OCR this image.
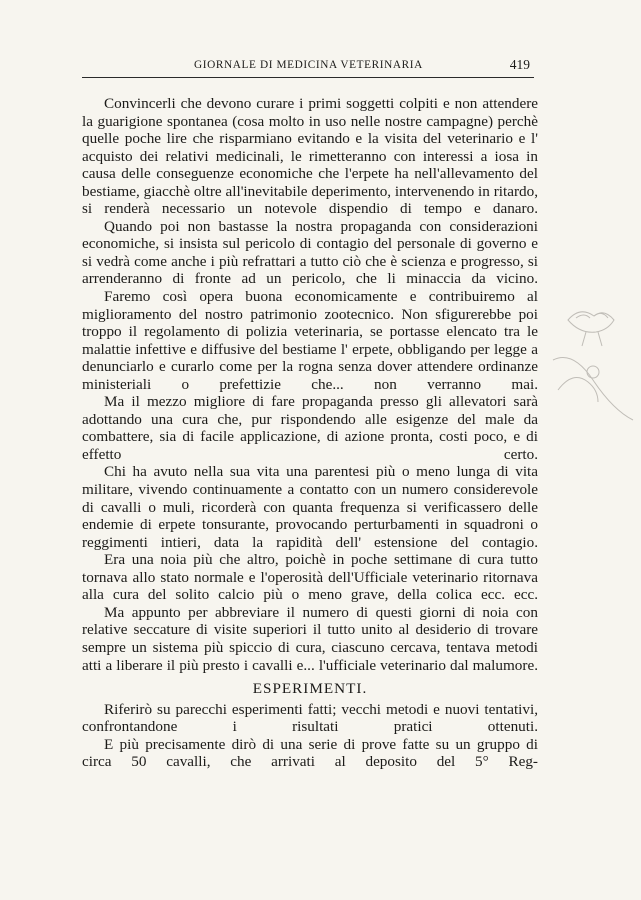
GIORNALE DI MEDICINA VETERINARIA	419

Convincerli che devono curare i primi soggetti colpiti e non attendere la guarigione spontanea (cosa molto in uso nelle nostre campagne) perchè quelle poche lire che risparmiano evitando e la visita del veterinario e l' acquisto dei relativi medicinali, le rimetteranno con interessi a iosa in causa delle conseguenze economiche che l'erpete ha nell'allevamento del bestiame, giacchè oltre all'inevitabile deperimento, intervenendo in ritardo, si renderà necessario un notevole dispendio di tempo e danaro.

Quando poi non bastasse la nostra propaganda con considerazioni economiche, si insista sul pericolo di contagio del personale di governo e si vedrà come anche i più refrattari a tutto ciò che è scienza e progresso, si arrenderanno di fronte ad un pericolo, che li minaccia da vicino.

Faremo così opera buona economicamente e contribuiremo al miglioramento del nostro patrimonio zootecnico. Non sfigurerebbe poi troppo il regolamento di polizia veterinaria, se portasse elencato tra le malattie infettive e diffusive del bestiame l' erpete, obbligando per legge a denunciarlo e curarlo come per la rogna senza dover attendere ordinanze ministeriali o prefettizie che... non verranno mai.

Ma il mezzo migliore di fare propaganda presso gli allevatori sarà adottando una cura che, pur rispondendo alle esigenze del male da combattere, sia di facile applicazione, di azione pronta, costi poco, e di effetto certo.

Chi ha avuto nella sua vita una parentesi più o meno lunga di vita militare, vivendo continuamente a contatto con un numero considerevole di cavalli o muli, ricorderà con quanta frequenza si verificassero delle endemie di erpete tonsurante, provocando perturbamenti in squadroni o reggimenti intieri, data la rapidità dell' estensione del contagio.

Era una noia più che altro, poichè in poche settimane di cura tutto tornava allo stato normale e l'operosità dell'Ufficiale veterinario ritornava alla cura del solito calcio più o meno grave, della colica ecc. ecc.

Ma appunto per abbreviare il numero di questi giorni di noia con relative seccature di visite superiori il tutto unito al desiderio di trovare sempre un sistema più spiccio di cura, ciascuno cercava, tentava metodi atti a liberare il più presto i cavalli e... l'ufficiale veterinario dal malumore.

ESPERIMENTI.

Riferirò su parecchi esperimenti fatti; vecchi metodi e nuovi tentativi, confrontandone i risultati pratici ottenuti.

E più precisamente dirò di una serie di prove fatte su un gruppo di circa 50 cavalli, che arrivati al deposito del 5° Reg-
